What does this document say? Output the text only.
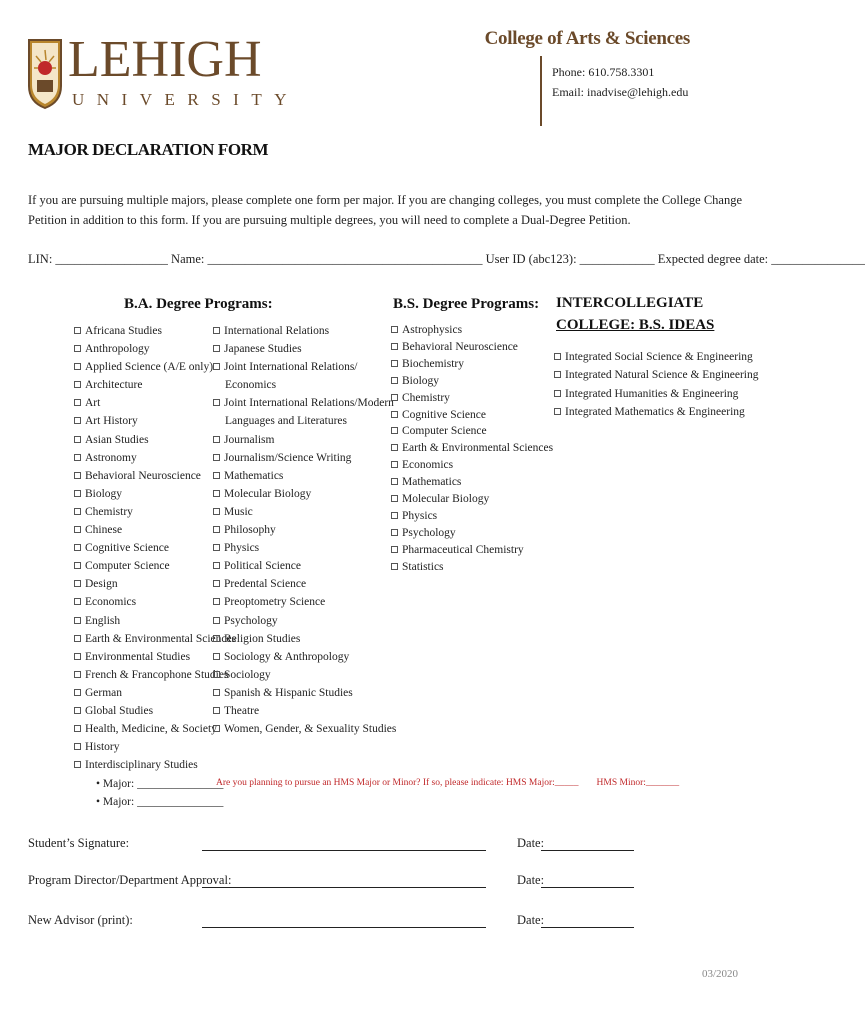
LEHIGH
UNIVERSITY
College of Arts & Sciences
Phone: 610.758.3301
Email: inadvise@lehigh.edu
MAJOR DECLARATION FORM
If you are pursuing multiple majors, please complete one form per major. If you are changing colleges, you must complete the College Change Petition in addition to this form. If you are pursuing multiple degrees, you will need to complete a Dual-Degree Petition.
LIN: __________________ Name: ____________________________________________ User ID (abc123): ____________ Expected degree date: _______________
B.A. Degree Programs:	B.S. Degree Programs: INTERCOLLEGIATE
COLLEGE: B.S. IDEAS
Africana Studies
Anthropology
Applied Science (A/E only)
Architecture
Art
Art History
Asian Studies
Astronomy
Behavioral Neuroscience
Biology
Chemistry
Chinese
Cognitive Science
Computer Science
Design
Economics
English
Earth & Environmental Sciences
Environmental Studies
French & Francophone Studies
German
Global Studies
Health, Medicine, & Society
History
Interdisciplinary Studies
International Relations
Japanese Studies
Joint International Relations/
Economics
Joint International Relations/Modern
Languages and Literatures
Journalism
Journalism/Science Writing
Mathematics
Molecular Biology
Music
Philosophy
Physics
Political Science
Predental Science
Preoptometry Science
Psychology
Religion Studies
Sociology & Anthropology
Sociology
Spanish & Hispanic Studies
Theatre
Women, Gender, & Sexuality Studies
Astrophysics
Behavioral Neuroscience
Biochemistry
Biology
Chemistry
Cognitive Science
Computer Science
Earth & Environmental Sciences
Economics
Mathematics
Molecular Biology
Physics
Psychology
Pharmaceutical Chemistry
Statistics
Integrated Social Science & Engineering
Integrated Natural Science & Engineering
Integrated Humanities & Engineering
Integrated Mathematics & Engineering
• Major: _______________
• Major: _______________
Are you planning to pursue an HMS Major or Minor? If so, please indicate: HMS Major:_____ HMS Minor:_______
Student’s Signature:	Date:
Program Director/Department Approval:	Date:
New Advisor (print):	Date:
03/2020
